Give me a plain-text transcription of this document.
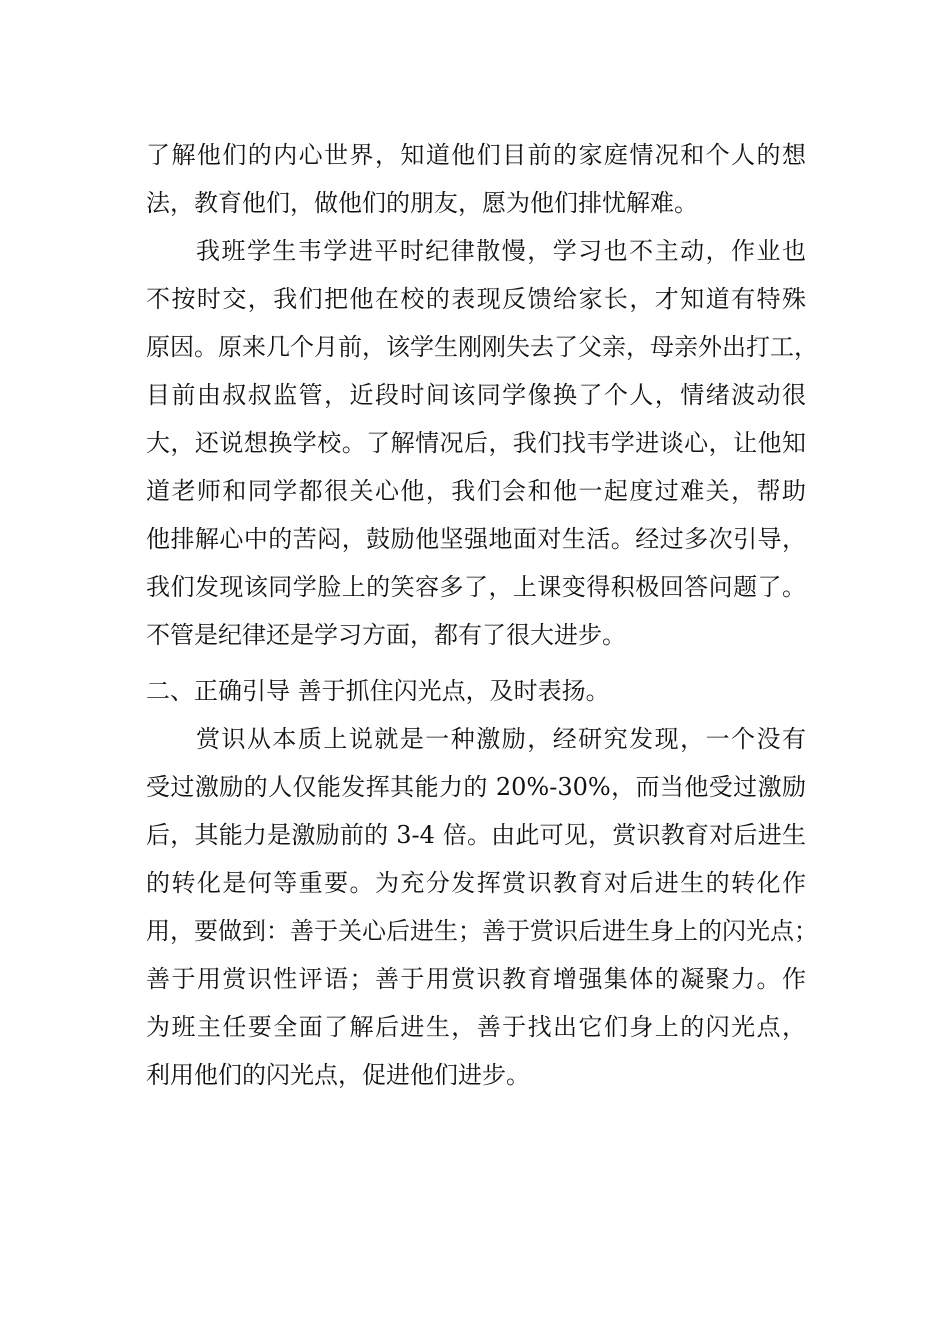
了解他们的内心世界，知道他们目前的家庭情况和个人的想
法，教育他们，做他们的朋友，愿为他们排忧解难。
我班学生韦学进平时纪律散慢，学习也不主动，作业也
不按时交，我们把他在校的表现反馈给家长，才知道有特殊
原因。原来几个月前，该学生刚刚失去了父亲，母亲外出打工，
目前由叔叔监管，近段时间该同学像换了个人，情绪波动很
大，还说想换学校。了解情况后，我们找韦学进谈心，让他知
道老师和同学都很关心他，我们会和他一起度过难关，帮助
他排解心中的苦闷，鼓励他坚强地面对生活。经过多次引导，
我们发现该同学脸上的笑容多了，上课变得积极回答问题了。
不管是纪律还是学习方面，都有了很大进步。
二、正确引导 善于抓住闪光点，及时表扬。
赏识从本质上说就是一种激励，经研究发现，一个没有
受过激励的人仅能发挥其能力的 20%-30%，而当他受过激励
后，其能力是激励前的 3-4 倍。由此可见，赏识教育对后进生
的转化是何等重要。为充分发挥赏识教育对后进生的转化作
用，要做到：善于关心后进生；善于赏识后进生身上的闪光点；
善于用赏识性评语；善于用赏识教育增强集体的凝聚力。作
为班主任要全面了解后进生，善于找出它们身上的闪光点，
利用他们的闪光点，促进他们进步。
